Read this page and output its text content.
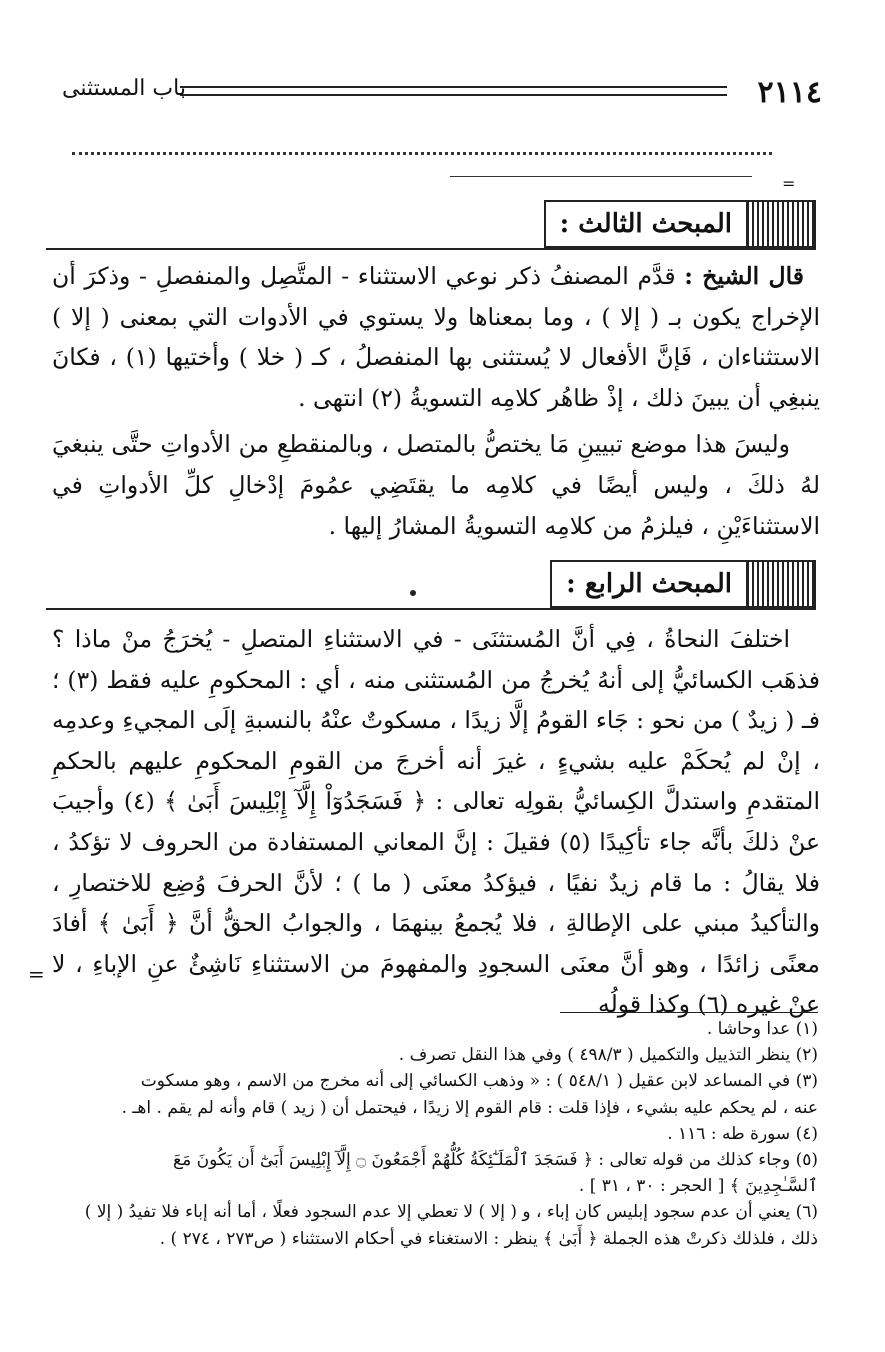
٢١١٤
باب المستثنى
=
المبحث الثالث :

قال الشيخ : قدَّم المصنفُ ذكر نوعي الاستثناء - المتَّصِل والمنفصلِ - وذكرَ أن الإخراج يكون بـ ( إلا ) ، وما بمعناها ولا يستوي في الأدوات التي بمعنى ( إلا ) الاستثناءان ، فَإنَّ الأفعال لا يُستثنى بها المنفصلُ ، كـ ( خلا ) وأختيها (١) ، فكانَ ينبغِي أن يبينَ ذلك ، إذْ ظاهُر كلامِه التسويةُ (٢) انتهى .

وليسَ هذا موضع تبيينِ مَا يختصُّ بالمتصل ، وبالمنقطعِ من الأدواتِ حتَّى ينبغيَ لهُ ذلكَ ، وليس أيضًا في كلامِه ما يقتَضِي عمُومَ إدْخالِ كلِّ الأدواتِ في الاستثناءَيْنِ ، فيلزمُ من كلامِه التسويةُ المشارُ إليها .

المبحث الرابع :

اختلفَ النحاةُ ، فِي أنَّ المُستثنَى - في الاستثناءِ المتصلِ - يُخرَجُ منْ ماذا ؟ فذهَب الكسائيُّ إلى أنهُ يُخرجُ من المُستثنى منه ، أي : المحكومِ عليه فقط (٣) ؛ فـ ( زيدٌ ) من نحو : جَاء القومُ إلَّا زيدًا ، مسكوتٌ عنْهُ بالنسبةِ إلَى المجيءِ وعدمِه ، إنْ لم يُحكَمْ عليه بشيءٍ ، غيرَ أنه أخرجَ من القومِ المحكومِ عليهم بالحكمِ المتقدمِ واستدلَّ الكِسائيُّ بقولِه تعالى : ﴿ فَسَجَدُوٓاْ إِلَّآ إِبْلِيسَ أَبَىٰ ﴾ (٤) وأجيبَ عنْ ذلكَ بأنَّه جاء تأكِيدًا (٥) فقيلَ : إنَّ المعاني المستفادة من الحروف لا تؤكدُ ، فلا يقالُ : ما قام زيدٌ نفيًا ، فيؤكدُ معنَى ( ما ) ؛ لأنَّ الحرفَ وُضِع للاختصارِ ، والتأكيدُ مبني على الإطالةِ ، فلا يُجمعُ بينهمَا ، والجوابُ الحقُّ أنَّ ﴿ أَبَىٰ ﴾ أفادَ معنًى زائدًا ، وهو أنَّ معنَى السجودِ والمفهومَ من الاستثناءِ نَاشِئٌ عنِ الإباءِ ، لا عنْ غيره (٦) وكذا قولُه

=
(١) عدا وحاشا .
(٢) ينظر التذييل والتكميل ( ٤٩٨/٣ ) وفي هذا النقل تصرف .
(٣) في المساعد لابن عقيل ( ٥٤٨/١ ) : « وذهب الكسائي إلى أنه مخرج من الاسم ، وهو مسكوت
عنه ، لم يحكم عليه بشيء ، فإذا قلت : قام القوم إلا زيدًا ، فيحتمل أن ( زيد ) قام وأنه لم يقم . اهـ .
(٤) سورة طه : ١١٦ .
(٥) وجاء كذلك من قوله تعالى : ﴿ فَسَجَدَ ٱلْمَلَـٰٓئِكَةُ كُلُّهُمْ أَجْمَعُونَ ۝ إِلَّآ إِبْلِيسَ أَبَىٰٓ أَن يَكُونَ مَعَ
ٱلسَّـٰجِدِينَ ﴾ [ الحجر : ٣٠ ، ٣١ ] .
(٦) يعني أن عدم سجود إبليس كان إباء ، و ( إلا ) لا تعطي إلا عدم السجود فعلًا ، أما أنه إباء فلا تفيدُ ( إلا )
ذلك ، فلذلك ذكرتْ هذه الجملة ﴿ أَبَىٰ ﴾ ينظر : الاستغناء في أحكام الاستثناء ( ص٢٧٣ ، ٢٧٤ ) .
